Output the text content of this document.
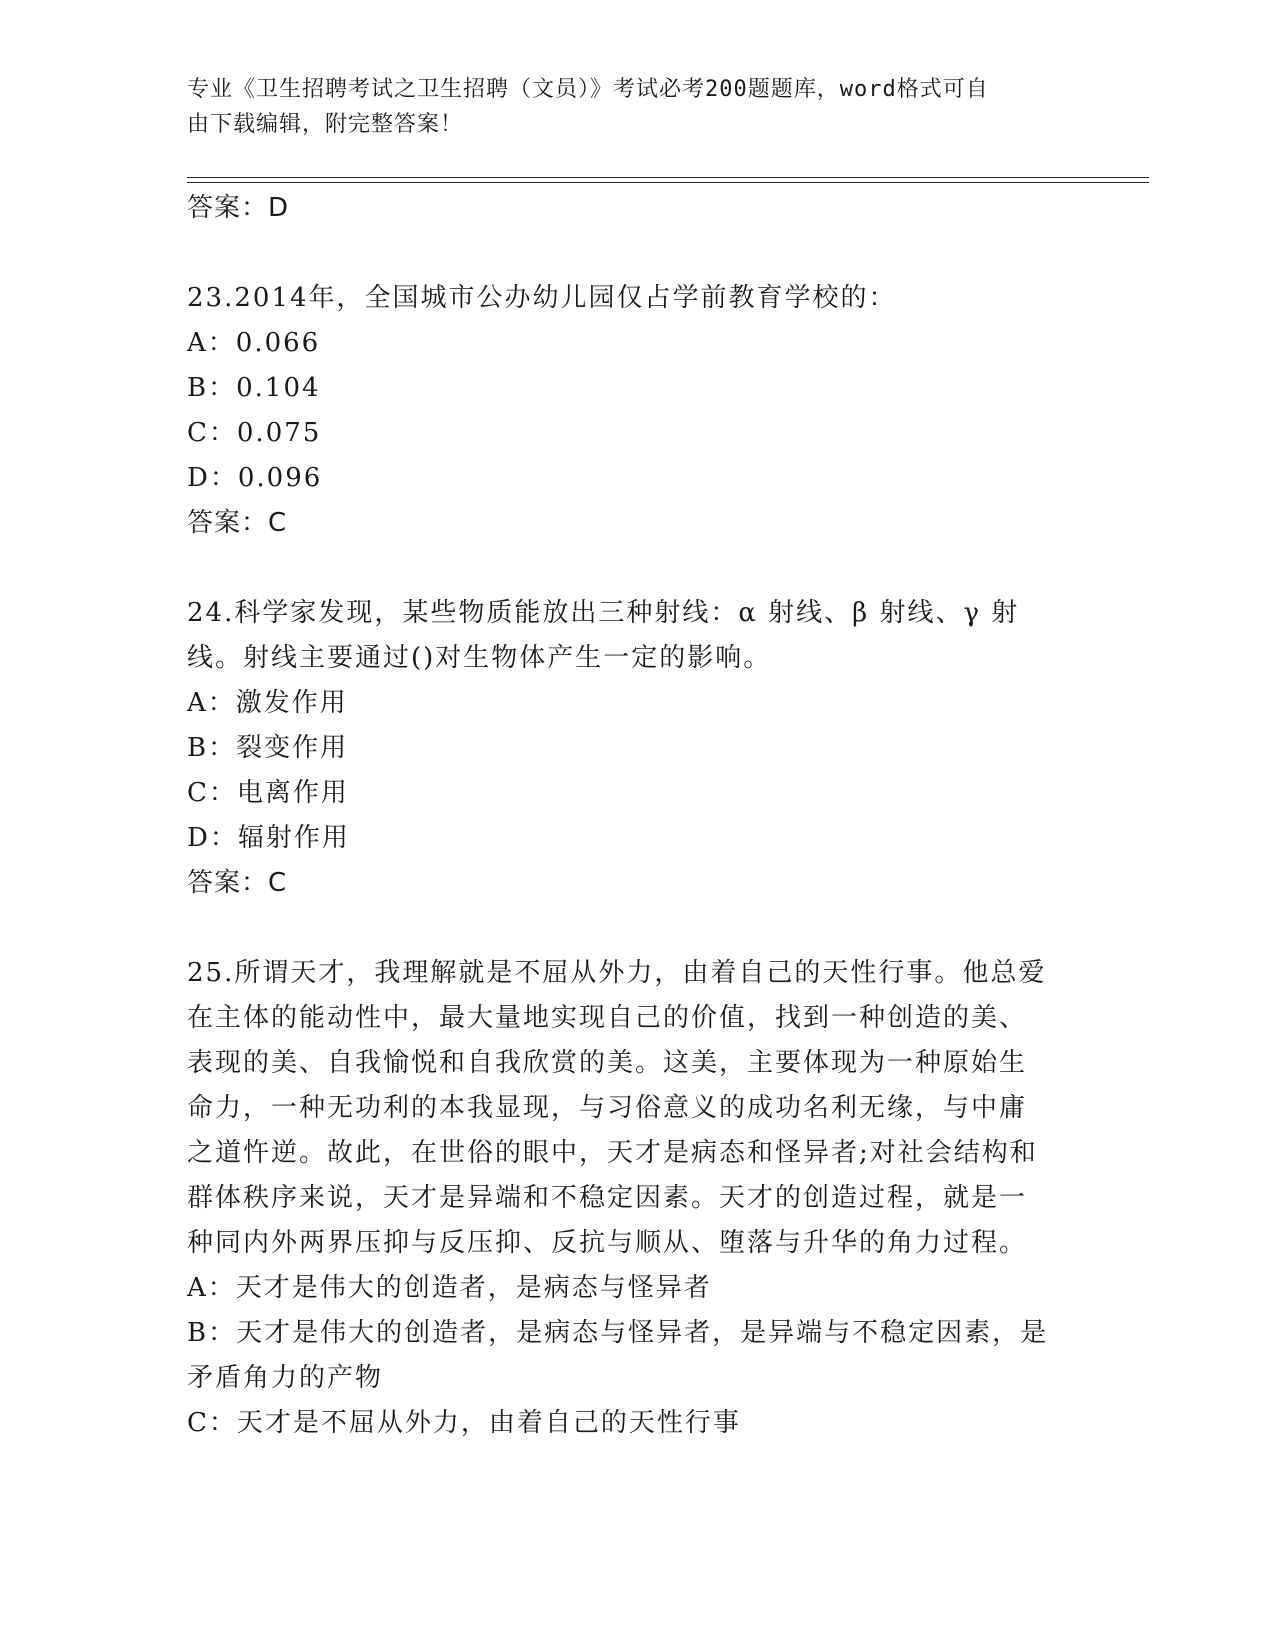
专业《卫生招聘考试之卫生招聘（文员）》考试必考200题题库，word格式可自
由下载编辑，附完整答案！
答案：D
23.2014年，全国城市公办幼儿园仅占学前教育学校的：
A：0.066
B：0.104
C：0.075
D：0.096
答案：C
24.科学家发现，某些物质能放出三种射线：α 射线、β 射线、γ 射
线。射线主要通过()对生物体产生一定的影响。
A：激发作用
B：裂变作用
C：电离作用
D：辐射作用
答案：C
25.所谓天才，我理解就是不屈从外力，由着自己的天性行事。他总爱
在主体的能动性中，最大量地实现自己的价值，找到一种创造的美、
表现的美、自我愉悦和自我欣赏的美。这美，主要体现为一种原始生
命力，一种无功利的本我显现，与习俗意义的成功名利无缘，与中庸
之道忤逆。故此，在世俗的眼中，天才是病态和怪异者;对社会结构和
群体秩序来说，天才是异端和不稳定因素。天才的创造过程，就是一
种同内外两界压抑与反压抑、反抗与顺从、堕落与升华的角力过程。
A：天才是伟大的创造者，是病态与怪异者
B：天才是伟大的创造者，是病态与怪异者，是异端与不稳定因素，是
矛盾角力的产物
C：天才是不屈从外力，由着自己的天性行事
